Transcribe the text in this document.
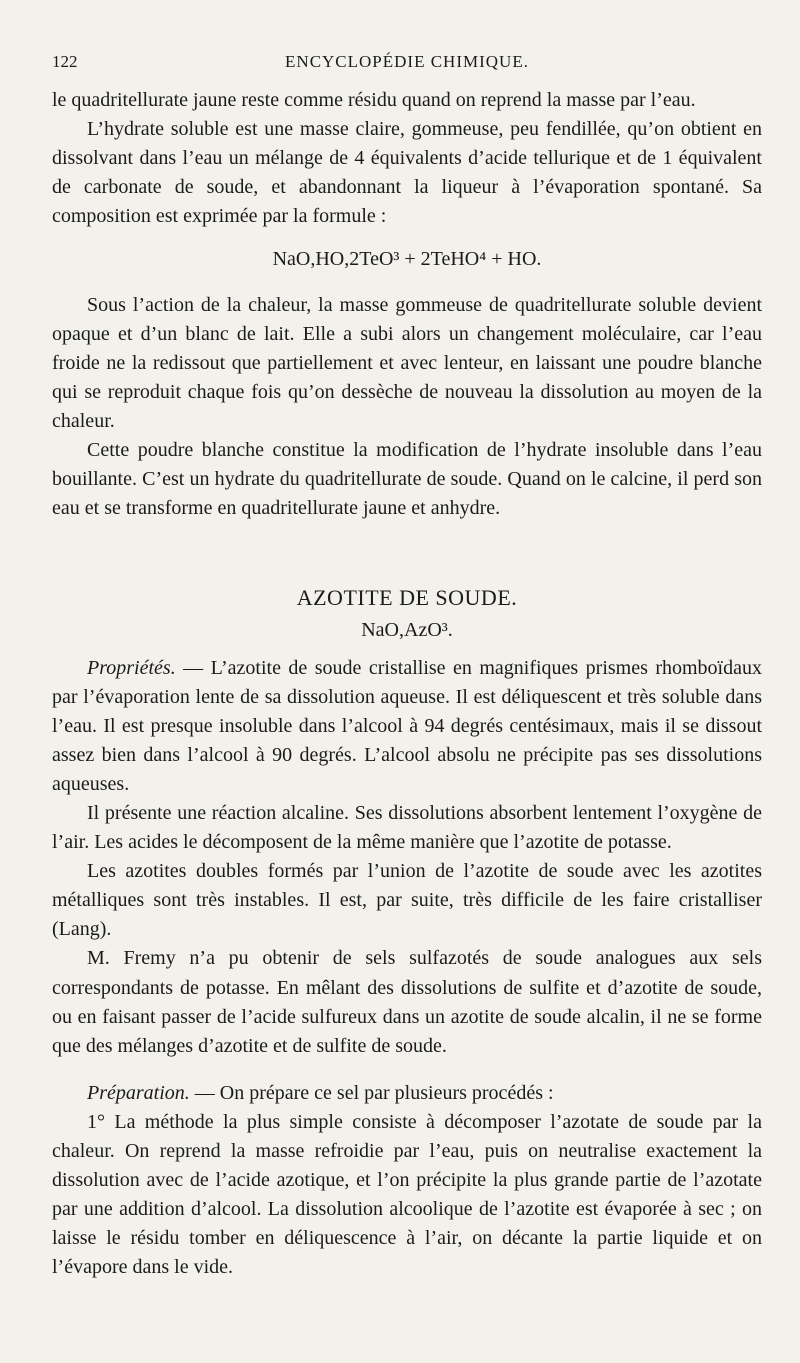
122	ENCYCLOPÉDIE CHIMIQUE.

le quadritellurate jaune reste comme résidu quand on reprend la masse par l’eau.

L’hydrate soluble est une masse claire, gommeuse, peu fendillée, qu’on obtient en dissolvant dans l’eau un mélange de 4 équivalents d’acide tellurique et de 1 équivalent de carbonate de soude, et abandonnant la liqueur à l’évaporation spontané. Sa composition est exprimée par la formule :

NaO,HO,2TeO³ + 2TeHO⁴ + HO.

Sous l’action de la chaleur, la masse gommeuse de quadritellurate soluble devient opaque et d’un blanc de lait. Elle a subi alors un changement moléculaire, car l’eau froide ne la redissout que partiellement et avec lenteur, en laissant une poudre blanche qui se reproduit chaque fois qu’on dessèche de nouveau la dissolution au moyen de la chaleur.

Cette poudre blanche constitue la modification de l’hydrate insoluble dans l’eau bouillante. C’est un hydrate du quadritellurate de soude. Quand on le calcine, il perd son eau et se transforme en quadritellurate jaune et anhydre.

AZOTITE DE SOUDE.

NaO,AzO³.

Propriétés. — L’azotite de soude cristallise en magnifiques prismes rhomboïdaux par l’évaporation lente de sa dissolution aqueuse. Il est déliquescent et très soluble dans l’eau. Il est presque insoluble dans l’alcool à 94 degrés centésimaux, mais il se dissout assez bien dans l’alcool à 90 degrés. L’alcool absolu ne précipite pas ses dissolutions aqueuses.

Il présente une réaction alcaline. Ses dissolutions absorbent lentement l’oxygène de l’air. Les acides le décomposent de la même manière que l’azotite de potasse.

Les azotites doubles formés par l’union de l’azotite de soude avec les azotites métalliques sont très instables. Il est, par suite, très difficile de les faire cristalliser (Lang).

M. Fremy n’a pu obtenir de sels sulfazotés de soude analogues aux sels correspondants de potasse. En mêlant des dissolutions de sulfite et d’azotite de soude, ou en faisant passer de l’acide sulfureux dans un azotite de soude alcalin, il ne se forme que des mélanges d’azotite et de sulfite de soude.

Préparation. — On prépare ce sel par plusieurs procédés :

1° La méthode la plus simple consiste à décomposer l’azotate de soude par la chaleur. On reprend la masse refroidie par l’eau, puis on neutralise exactement la dissolution avec de l’acide azotique, et l’on précipite la plus grande partie de l’azotate par une addition d’alcool. La dissolution alcoolique de l’azotite est évaporée à sec ; on laisse le résidu tomber en déliquescence à l’air, on décante la partie liquide et on l’évapore dans le vide.
